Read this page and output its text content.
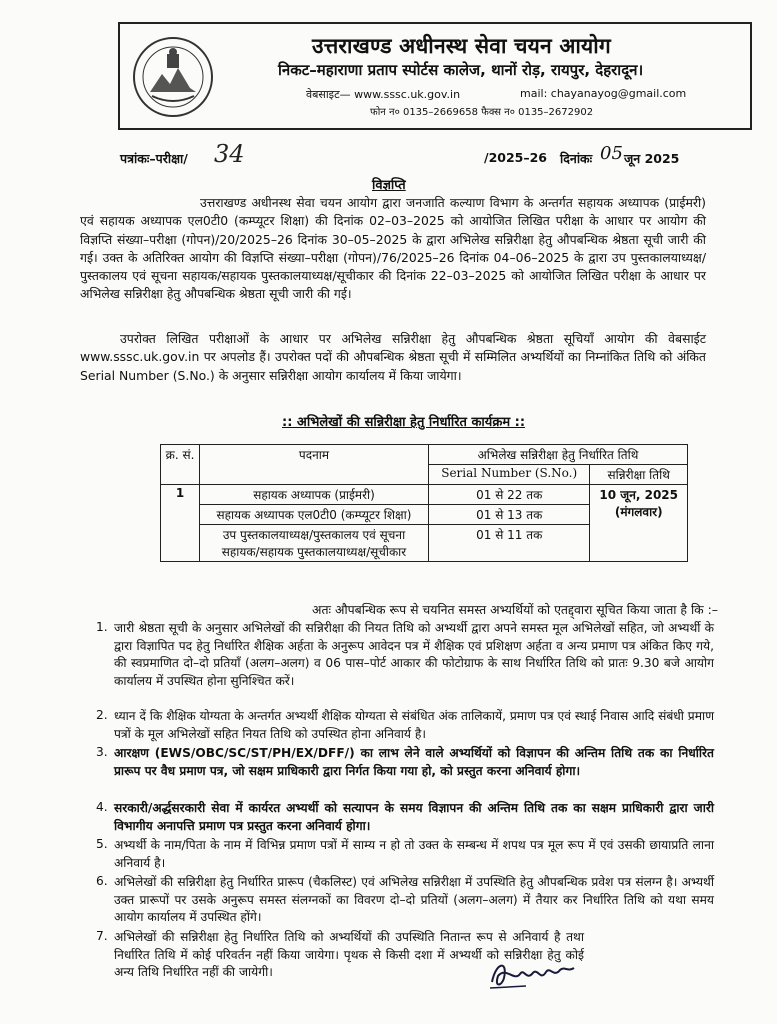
उत्तराखण्ड अधीनस्थ सेवा चयन आयोग
निकट–महाराणा प्रताप स्पोर्टस कालेज, थानों रोड़, रायपुर, देहरादून।
वेबसाइट— www.sssc.uk.gov.in	mail: chayanayog@gmail.com
फोन न० 0135–2669658 फैक्स न० 0135–2672902
पत्रांकः–परीक्षा/ 34	/2025–26 दिनांकः 05 जून 2025
विज्ञप्ति
उत्तराखण्ड अधीनस्थ सेवा चयन आयोग द्वारा जनजाति कल्याण विभाग के अन्तर्गत सहायक अध्यापक (प्राईमरी) एवं सहायक अध्यापक एल0टी0 (कम्प्यूटर शिक्षा) की दिनांक 02–03–2025 को आयोजित लिखित परीक्षा के आधार पर आयोग की विज्ञप्ति संख्या–परीक्षा (गोपन)/20/2025–26 दिनांक 30–05–2025 के द्वारा अभिलेख सन्निरीक्षा हेतु औपबन्धिक श्रेष्ठता सूची जारी की गई। उक्त के अतिरिक्त आयोग की विज्ञप्ति संख्या–परीक्षा (गोपन)/76/2025–26 दिनांक 04–06–2025 के द्वारा उप पुस्तकालयाध्यक्ष/पुस्तकालय एवं सूचना सहायक/सहायक पुस्तकालयाध्यक्ष/सूचीकार की दिनांक 22–03–2025 को आयोजित लिखित परीक्षा के आधार पर अभिलेख सन्निरीक्षा हेतु औपबन्धिक श्रेष्ठता सूची जारी की गई।
उपरोक्त लिखित परीक्षाओं के आधार पर अभिलेख सन्निरीक्षा हेतु औपबन्धिक श्रेष्ठता सूचियाँ आयोग की वेबसाईट www.sssc.uk.gov.in पर अपलोड हैं। उपरोक्त पदों की औपबन्धिक श्रेष्ठता सूची में सम्मिलित अभ्यर्थियों का निम्नांकित तिथि को अंकित Serial Number (S.No.) के अनुसार सन्निरीक्षा आयोग कार्यालय में किया जायेगा।
:: अभिलेखों की सन्निरीक्षा हेतु निर्धारित कार्यक्रम ::
क्र. सं.	पदनाम	अभिलेख सन्निरीक्षा हेतु निर्धारित तिथि	
		Serial Number (S.No.)	सन्निरीक्षा तिथि
1	सहायक अध्यापक (प्राईमरी)	01 से 22 तक	10 जून, 2025
(मंगलवार)

	सहायक अध्यापक एल0टी0 (कम्प्यूटर शिक्षा)	01 से 13 तक	
	उप पुस्तकालयाध्यक्ष/पुस्तकालय एवं सूचना सहायक/सहायक पुस्तकालयाध्यक्ष/सूचीकार	01 से 11 तक	
अतः औपबन्धिक रूप से चयनित समस्त अभ्यर्थियों को एतद्द्वारा सूचित किया जाता है कि :–
1. जारी श्रेष्ठता सूची के अनुसार अभिलेखों की सन्निरीक्षा की नियत तिथि को अभ्यर्थी द्वारा अपने समस्त मूल अभिलेखों सहित, जो अभ्यर्थी के द्वारा विज्ञापित पद हेतु निर्धारित शैक्षिक अर्हता के अनुरूप आवेदन पत्र में शैक्षिक एवं प्रशिक्षण अर्हता व अन्य प्रमाण पत्र अंकित किए गये, की स्वप्रमाणित दो–दो प्रतियाँ (अलग–अलग) व 06 पास–पोर्ट आकार की फोटोग्राफ के साथ निर्धारित तिथि को प्रातः 9.30 बजे आयोग कार्यालय में उपस्थित होना सुनिश्चित करें।
2. ध्यान दें कि शैक्षिक योग्यता के अन्तर्गत अभ्यर्थी शैक्षिक योग्यता से संबंधित अंक तालिकायें, प्रमाण पत्र एवं स्थाई निवास आदि संबंधी प्रमाण पत्रों के मूल अभिलेखों सहित नियत तिथि को उपस्थित होना अनिवार्य है।
3. आरक्षण (EWS/OBC/SC/ST/PH/EX/DFF/) का लाभ लेने वाले अभ्यर्थियों को विज्ञापन की अन्तिम तिथि तक का निर्धारित प्रारूप पर वैध प्रमाण पत्र, जो सक्षम प्राधिकारी द्वारा निर्गत किया गया हो, को प्रस्तुत करना अनिवार्य होगा।
4. सरकारी/अर्द्धसरकारी सेवा में कार्यरत अभ्यर्थी को सत्यापन के समय विज्ञापन की अन्तिम तिथि तक का सक्षम प्राधिकारी द्वारा जारी विभागीय अनापत्ति प्रमाण पत्र प्रस्तुत करना अनिवार्य होगा।
5. अभ्यर्थी के नाम/पिता के नाम में विभिन्न प्रमाण पत्रों में साम्य न हो तो उक्त के सम्बन्ध में शपथ पत्र मूल रूप में एवं उसकी छायाप्रति लाना अनिवार्य है।
6. अभिलेखों की सन्निरीक्षा हेतु निर्धारित प्रारूप (चैकलिस्ट) एवं अभिलेख सन्निरीक्षा में उपस्थिति हेतु औपबन्धिक प्रवेश पत्र संलग्न है। अभ्यर्थी उक्त प्रारूपों पर उसके अनुरूप समस्त संलग्नकों का विवरण दो–दो प्रतियों (अलग–अलग) में तैयार कर निर्धारित तिथि को यथा समय आयोग कार्यालय में उपस्थित होंगे।
7. अभिलेखों की सन्निरीक्षा हेतु निर्धारित तिथि को अभ्यर्थियों की उपस्थिति नितान्त रूप से अनिवार्य है तथा निर्धारित तिथि में कोई परिवर्तन नहीं किया जायेगा। पृथक से किसी दशा में अभ्यर्थी को सन्निरीक्षा हेतु कोई अन्य तिथि निर्धारित नहीं की जायेगी।
